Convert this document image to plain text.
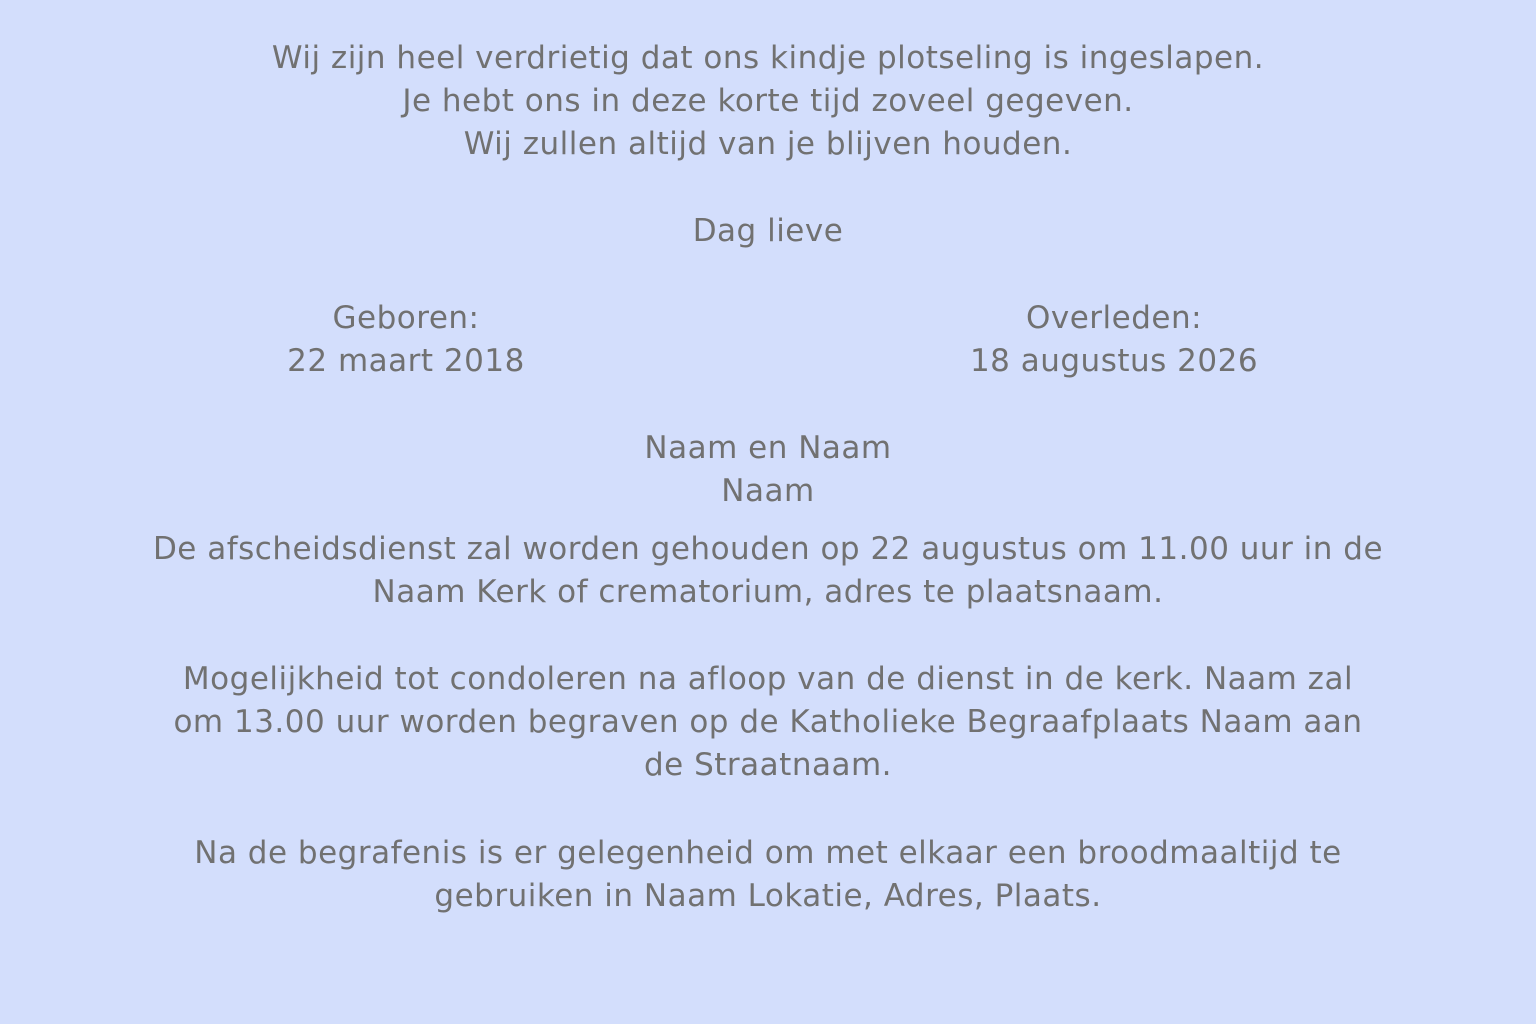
Wij zijn heel verdrietig dat ons kindje plotseling is ingeslapen.
Je hebt ons in deze korte tijd zoveel gegeven.
Wij zullen altijd van je blijven houden.
Dag lieve
Geboren:
22 maart 2018
Overleden:
18 augustus 2026
Naam en Naam
Naam
De afscheidsdienst zal worden gehouden op 22 augustus om 11.00 uur in de
Naam Kerk of crematorium, adres te plaatsnaam.
Mogelijkheid tot condoleren na afloop van de dienst in de kerk. Naam zal
om 13.00 uur worden begraven op de Katholieke Begraafplaats Naam aan
de Straatnaam.
Na de begrafenis is er gelegenheid om met elkaar een broodmaaltijd te
gebruiken in Naam Lokatie, Adres, Plaats.
